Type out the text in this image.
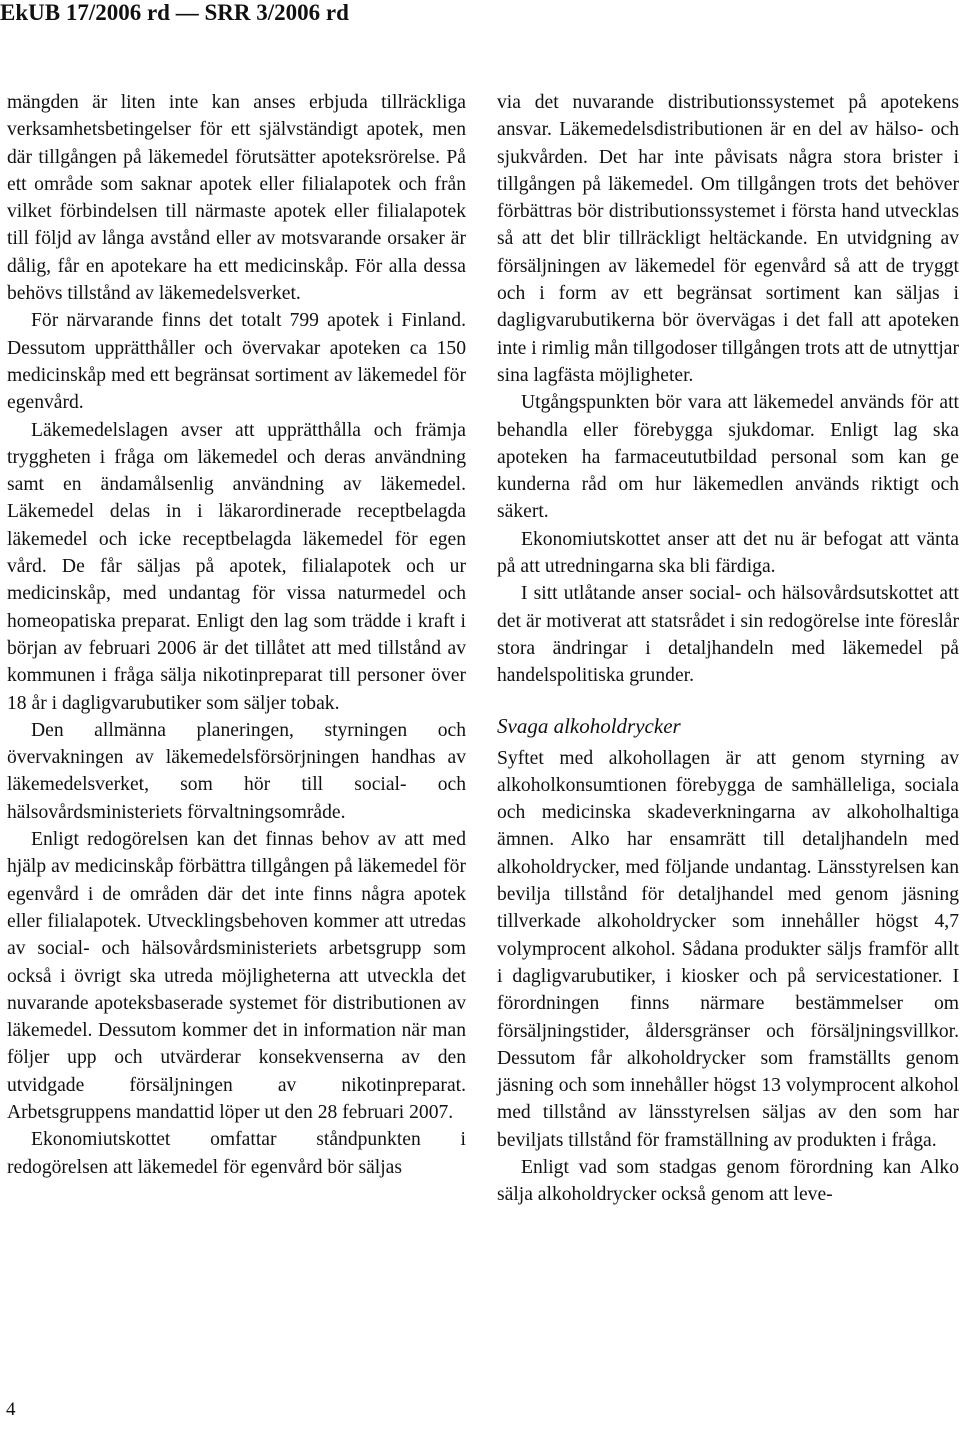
EkUB 17/2006 rd — SRR 3/2006 rd

mängden är liten inte kan anses erbjuda tillräckliga verksamhetsbetingelser för ett självständigt apotek, men där tillgången på läkemedel förutsätter apoteksrörelse. På ett område som saknar apotek eller filialapotek och från vilket förbindelsen till närmaste apotek eller filialapotek till följd av långa avstånd eller av motsvarande orsaker är dålig, får en apotekare ha ett medicinskåp. För alla dessa behövs tillstånd av läkemedelsverket.

För närvarande finns det totalt 799 apotek i Finland. Dessutom upprätthåller och övervakar apoteken ca 150 medicinskåp med ett begränsat sortiment av läkemedel för egenvård.

Läkemedelslagen avser att upprätthålla och främja tryggheten i fråga om läkemedel och deras användning samt en ändamålsenlig användning av läkemedel. Läkemedel delas in i läkarordinerade receptbelagda läkemedel och icke receptbelagda läkemedel för egen vård. De får säljas på apotek, filialapotek och ur medicinskåp, med undantag för vissa naturmedel och homeopatiska preparat. Enligt den lag som trädde i kraft i början av februari 2006 är det tillåtet att med tillstånd av kommunen i fråga sälja nikotinpreparat till personer över 18 år i dagligvarubutiker som säljer tobak.

Den allmänna planeringen, styrningen och övervakningen av läkemedelsförsörjningen handhas av läkemedelsverket, som hör till social- och hälsovårdsministeriets förvaltningsområde.

Enligt redogörelsen kan det finnas behov av att med hjälp av medicinskåp förbättra tillgången på läkemedel för egenvård i de områden där det inte finns några apotek eller filialapotek. Utvecklingsbehoven kommer att utredas av social- och hälsovårdsministeriets arbetsgrupp som också i övrigt ska utreda möjligheterna att utveckla det nuvarande apoteksbaserade systemet för distributionen av läkemedel. Dessutom kommer det in information när man följer upp och utvärderar konsekvenserna av den utvidgade försäljningen av nikotinpreparat. Arbetsgruppens mandattid löper ut den 28 februari 2007.

Ekonomiutskottet omfattar ståndpunkten i redogörelsen att läkemedel för egenvård bör säljas

via det nuvarande distributionssystemet på apotekens ansvar. Läkemedelsdistributionen är en del av hälso- och sjukvården. Det har inte påvisats några stora brister i tillgången på läkemedel. Om tillgången trots det behöver förbättras bör distributionssystemet i första hand utvecklas så att det blir tillräckligt heltäckande. En utvidgning av försäljningen av läkemedel för egenvård så att de tryggt och i form av ett begränsat sortiment kan säljas i dagligvarubutikerna bör övervägas i det fall att apoteken inte i rimlig mån tillgodoser tillgången trots att de utnyttjar sina lagfästa möjligheter.

Utgångspunkten bör vara att läkemedel används för att behandla eller förebygga sjukdomar. Enligt lag ska apoteken ha farmaceututbildad personal som kan ge kunderna råd om hur läkemedlen används riktigt och säkert.

Ekonomiutskottet anser att det nu är befogat att vänta på att utredningarna ska bli färdiga.

I sitt utlåtande anser social- och hälsovårdsutskottet att det är motiverat att statsrådet i sin redogörelse inte föreslår stora ändringar i detaljhandeln med läkemedel på handelspolitiska grunder.

Svaga alkoholdrycker

Syftet med alkohollagen är att genom styrning av alkoholkonsumtionen förebygga de samhälleliga, sociala och medicinska skadeverkningarna av alkoholhaltiga ämnen. Alko har ensamrätt till detaljhandeln med alkoholdrycker, med följande undantag. Länsstyrelsen kan bevilja tillstånd för detaljhandel med genom jäsning tillverkade alkoholdrycker som innehåller högst 4,7 volymprocent alkohol. Sådana produkter säljs framför allt i dagligvarubutiker, i kiosker och på servicestationer. I förordningen finns närmare bestämmelser om försäljningstider, åldersgränser och försäljningsvillkor. Dessutom får alkoholdrycker som framställts genom jäsning och som innehåller högst 13 volymprocent alkohol med tillstånd av länsstyrelsen säljas av den som har beviljats tillstånd för framställning av produkten i fråga.

Enligt vad som stadgas genom förordning kan Alko sälja alkoholdrycker också genom att leve-

4
